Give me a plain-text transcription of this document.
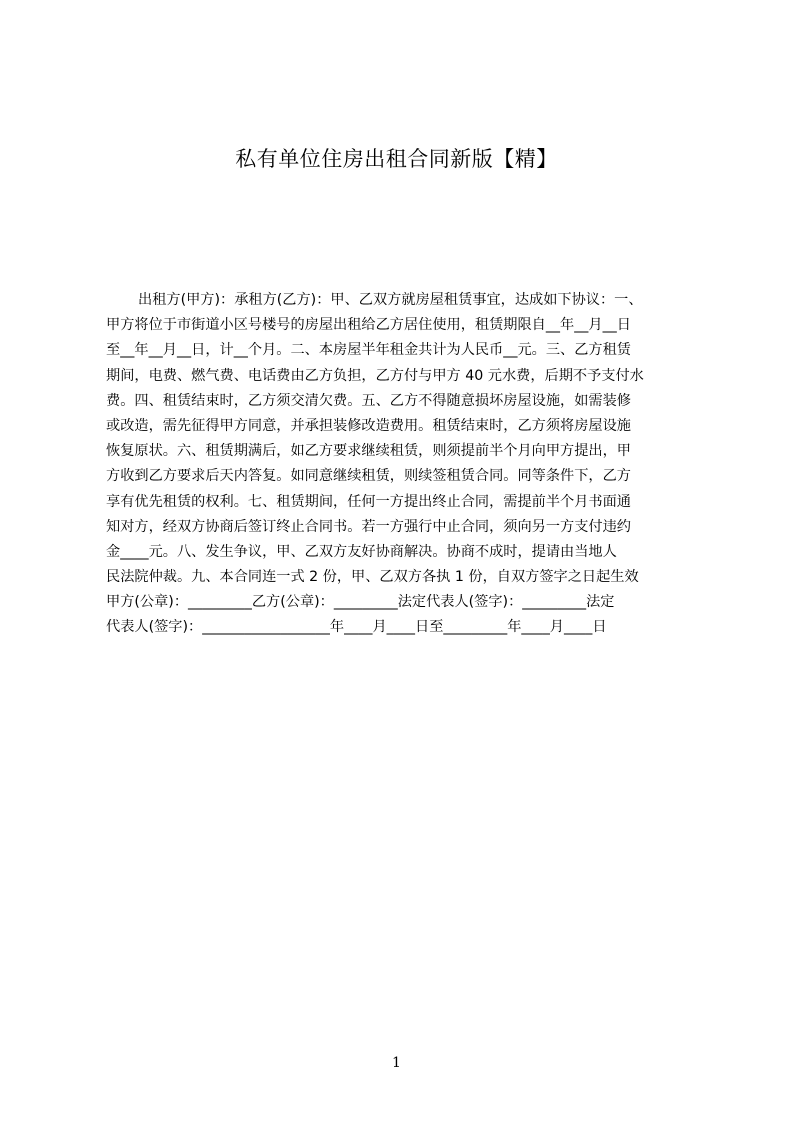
私有单位住房出租合同新版【精】
出租方(甲方)：承租方(乙方)：甲、乙双方就房屋租赁事宜，达成如下协议：一、
甲方将位于市街道小区号楼号的房屋出租给乙方居住使用，租赁期限自__年__月__日
至__年__月__日，计__个月。二、本房屋半年租金共计为人民币__元。三、乙方租赁
期间，电费、燃气费、电话费由乙方负担，乙方付与甲方 40 元水费，后期不予支付水
费。四、租赁结束时，乙方须交清欠费。五、乙方不得随意损坏房屋设施，如需装修
或改造，需先征得甲方同意，并承担装修改造费用。租赁结束时，乙方须将房屋设施
恢复原状。六、租赁期满后，如乙方要求继续租赁，则须提前半个月向甲方提出，甲
方收到乙方要求后天内答复。如同意继续租赁，则续签租赁合同。同等条件下，乙方
享有优先租赁的权利。七、租赁期间，任何一方提出终止合同，需提前半个月书面通
知对方，经双方协商后签订终止合同书。若一方强行中止合同，须向另一方支付违约
金____元。八、发生争议，甲、乙双方友好协商解决。协商不成时，提请由当地人
民法院仲裁。九、本合同连一式 2 份，甲、乙双方各执 1 份，自双方签字之日起生效
甲方(公章)：_________乙方(公章)：_________法定代表人(签字)：_________法定
代表人(签字)：__________________年____月____日至_________年____月____日
1
